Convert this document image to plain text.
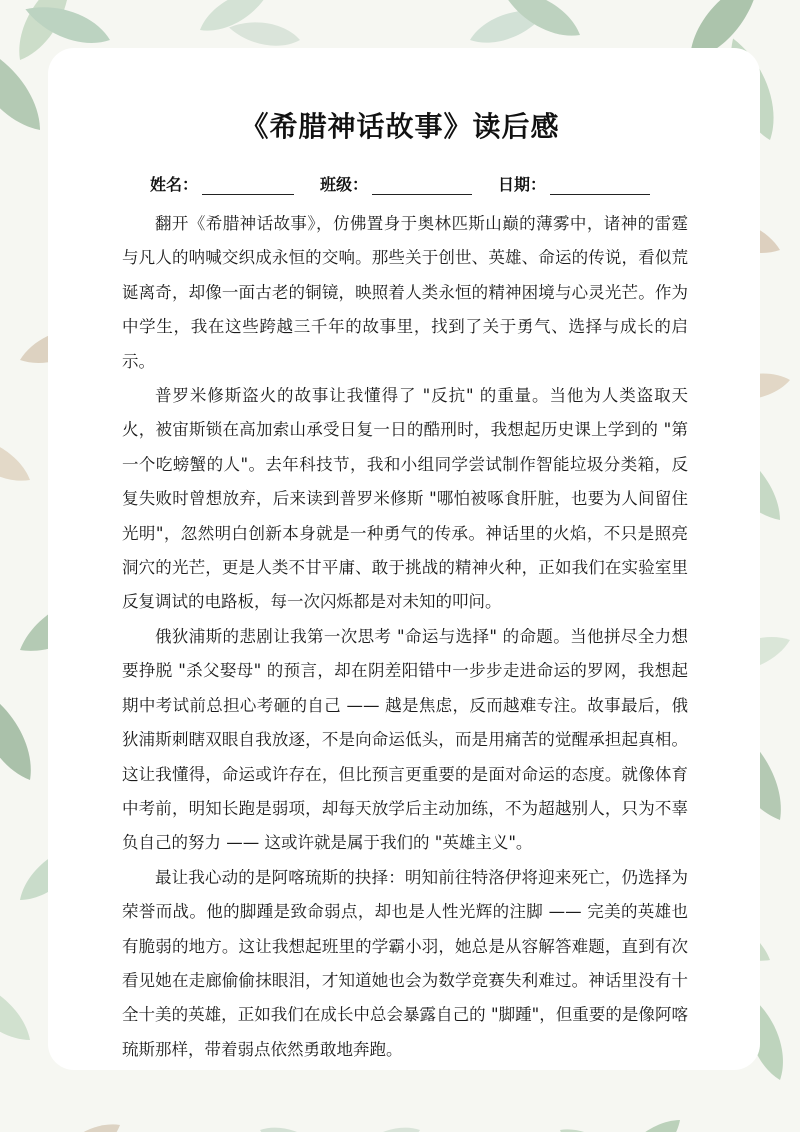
《希腊神话故事》读后感
姓名：	班级：	日期：

翻开《希腊神话故事》，仿佛置身于奥林匹斯山巅的薄雾中，诸神的雷霆与凡人的呐喊交织成永恒的交响。那些关于创世、英雄、命运的传说，看似荒诞离奇，却像一面古老的铜镜，映照着人类永恒的精神困境与心灵光芒。作为中学生，我在这些跨越三千年的故事里，找到了关于勇气、选择与成长的启示。

普罗米修斯盗火的故事让我懂得了 "反抗" 的重量。当他为人类盗取天火，被宙斯锁在高加索山承受日复一日的酷刑时，我想起历史课上学到的 "第一个吃螃蟹的人"。去年科技节，我和小组同学尝试制作智能垃圾分类箱，反复失败时曾想放弃，后来读到普罗米修斯 "哪怕被啄食肝脏，也要为人间留住光明"，忽然明白创新本身就是一种勇气的传承。神话里的火焰，不只是照亮洞穴的光芒，更是人类不甘平庸、敢于挑战的精神火种，正如我们在实验室里反复调试的电路板，每一次闪烁都是对未知的叩问。

俄狄浦斯的悲剧让我第一次思考 "命运与选择" 的命题。当他拼尽全力想要挣脱 "杀父娶母" 的预言，却在阴差阳错中一步步走进命运的罗网，我想起期中考试前总担心考砸的自己 —— 越是焦虑，反而越难专注。故事最后，俄狄浦斯刺瞎双眼自我放逐，不是向命运低头，而是用痛苦的觉醒承担起真相。这让我懂得，命运或许存在，但比预言更重要的是面对命运的态度。就像体育中考前，明知长跑是弱项，却每天放学后主动加练，不为超越别人，只为不辜负自己的努力 —— 这或许就是属于我们的 "英雄主义"。

最让我心动的是阿喀琉斯的抉择：明知前往特洛伊将迎来死亡，仍选择为荣誉而战。他的脚踵是致命弱点，却也是人性光辉的注脚 —— 完美的英雄也有脆弱的地方。这让我想起班里的学霸小羽，她总是从容解答难题，直到有次看见她在走廊偷偷抹眼泪，才知道她也会为数学竞赛失利难过。神话里没有十全十美的英雄，正如我们在成长中总会暴露自己的 "脚踵"，但重要的是像阿喀琉斯那样，带着弱点依然勇敢地奔跑。
